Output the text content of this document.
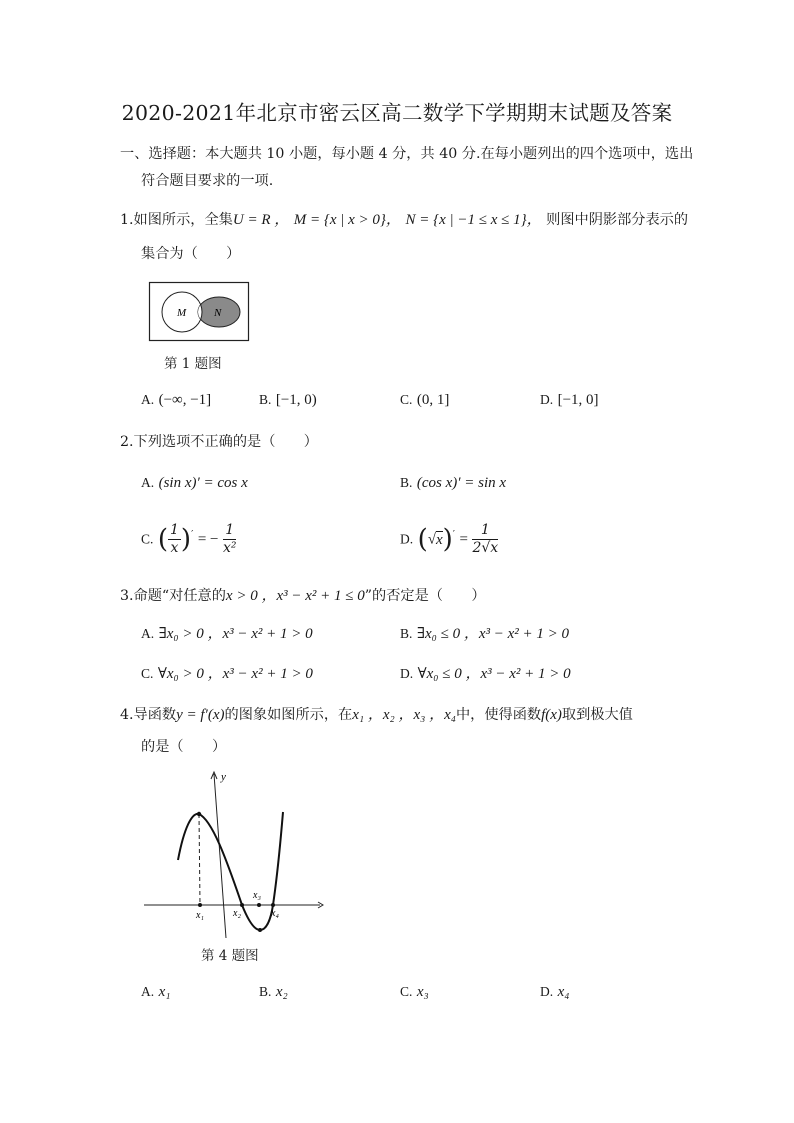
2020-2021年北京市密云区高二数学下学期期末试题及答案
一、选择题：本大题共 10 小题，每小题 4 分，共 40 分.在每小题列出的四个选项中，选出
符合题目要求的一项.
1.如图所示，全集U = R ， M = {x | x > 0}， N = {x | −1 ≤ x ≤ 1}， 则图中阴影部分表示的
集合为（　　）
M	N
第 1 题图
A. (−∞, −1]	B. [−1, 0)	C. (0, 1]	D. [−1, 0]
2.下列选项不正确的是（　　）
A. (sin x)′ = cos x	B. (cos x)′ = sin x
C. ( $\frac{1}{x} )'$ = − $\frac{1}{\text{x²}}$	D. $(√x)' = \frac{1}{2√x}$
3.命题“对任意的x > 0 ，x³ − x² + 1 ≤ 0”的否定是（　　）
A. ∃x₀ > 0 ，x³ − x² + 1 > 0	B. ∃x₀ ≤ 0 ，x³ − x² + 1 > 0
C. ∀x₀ > 0 ，x³ − x² + 1 > 0	D. ∀x₀ ≤ 0 ，x³ − x² + 1 > 0
4.导函数y = f′(x)的图象如图所示，在x₁ ，x₂ ，x₃ ，x₄中，使得函数f(x)取到极大值
的是（　　）
y
x₁	x₂
x₃
x₄
第 4 题图
A. x₁	B. x₂	C. x₃	D. x₄
